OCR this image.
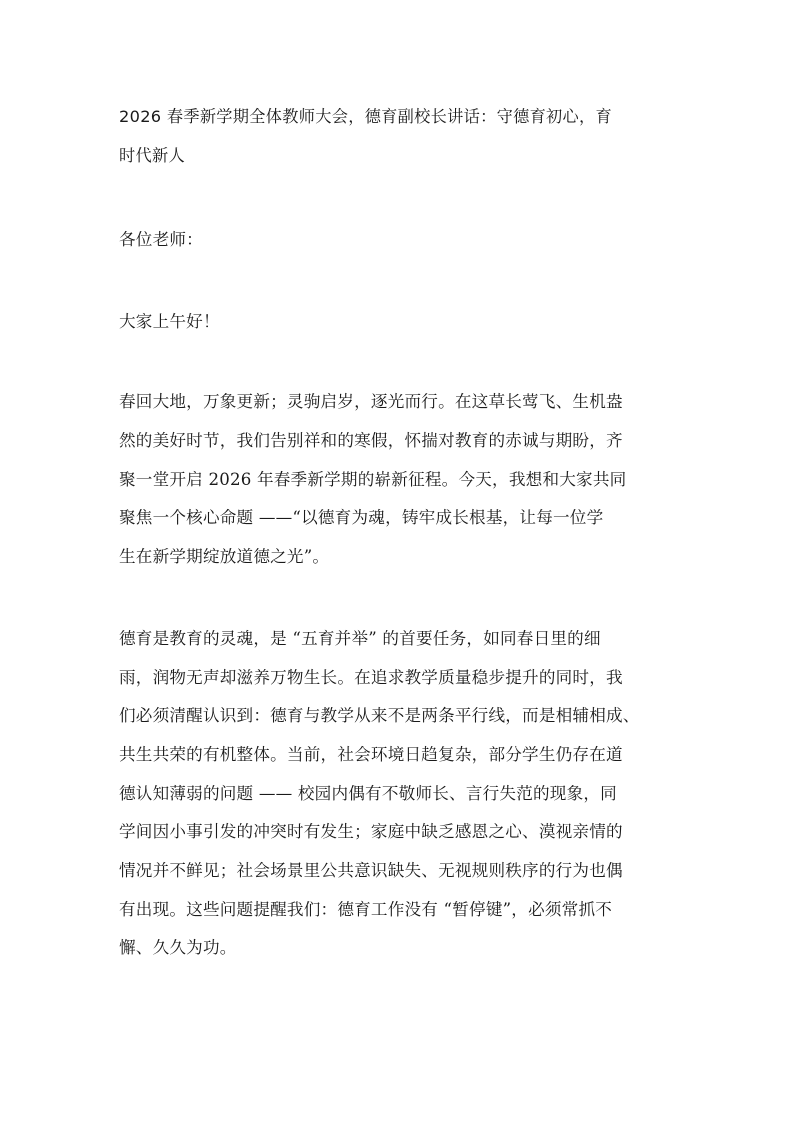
2026 春季新学期全体教师大会，德育副校长讲话：守德育初心，育
时代新人
各位老师：
大家上午好！
春回大地，万象更新；灵驹启岁，逐光而行。在这草长莺飞、生机盎
然的美好时节，我们告别祥和的寒假，怀揣对教育的赤诚与期盼，齐
聚一堂开启 2026 年春季新学期的崭新征程。今天，我想和大家共同
聚焦一个核心命题 ——“以德育为魂，铸牢成长根基，让每一位学
生在新学期绽放道德之光”。
德育是教育的灵魂，是 “五育并举” 的首要任务，如同春日里的细
雨，润物无声却滋养万物生长。在追求教学质量稳步提升的同时，我
们必须清醒认识到：德育与教学从来不是两条平行线，而是相辅相成、
共生共荣的有机整体。当前，社会环境日趋复杂，部分学生仍存在道
德认知薄弱的问题 —— 校园内偶有不敬师长、言行失范的现象，同
学间因小事引发的冲突时有发生；家庭中缺乏感恩之心、漠视亲情的
情况并不鲜见；社会场景里公共意识缺失、无视规则秩序的行为也偶
有出现。这些问题提醒我们：德育工作没有 “暂停键”，必须常抓不
懈、久久为功。
